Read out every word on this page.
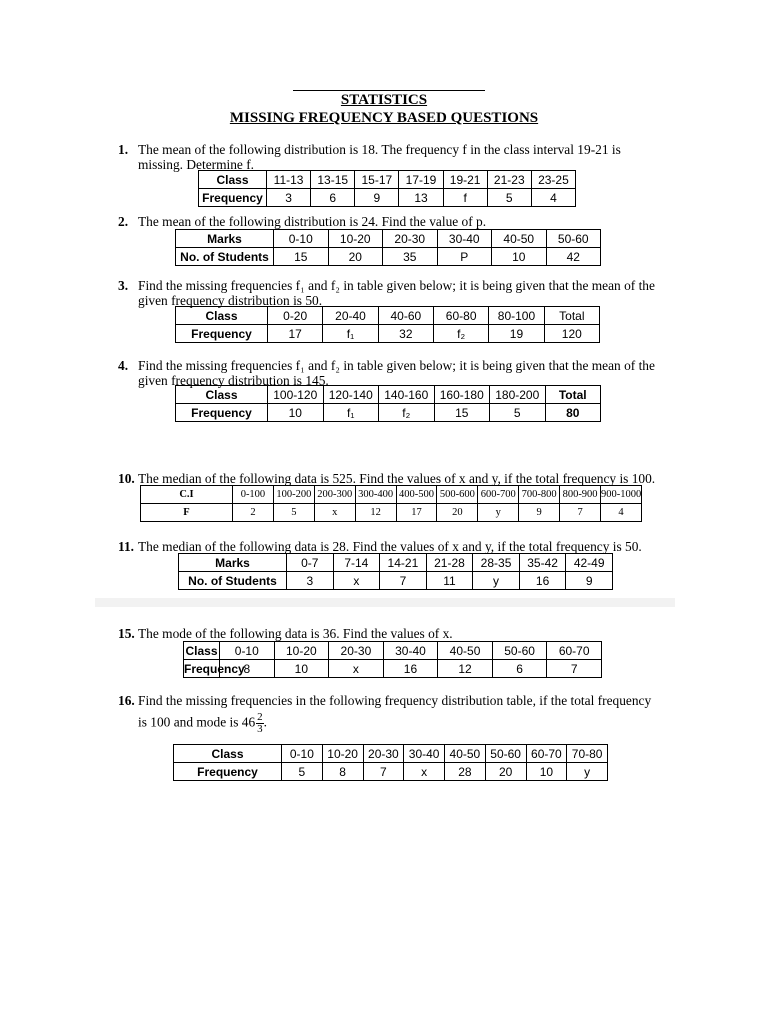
STATISTICS
MISSING FREQUENCY BASED QUESTIONS
1. The mean of the following distribution is 18. The frequency f in the class interval 19-21 is
missing. Determine f.
Class	11-13	13-15	15-17	17-19	19-21	21-23	23-25
Frequency	3	6	9	13	f	5	4
2. The mean of the following distribution is 24. Find the value of p.
Marks	0-10	10-20	20-30	30-40	40-50	50-60
No. of Students	15	20	35	P	10	42
3. Find the missing frequencies f₁ and f₂ in table given below; it is being given that the mean of the
given frequency distribution is 50.
Class	0-20	20-40	40-60	60-80	80-100	Total
Frequency	17	f₁	32	f₂	19	120
4. Find the missing frequencies f₁ and f₂ in table given below; it is being given that the mean of the
given frequency distribution is 145.
Class	100-120	120-140	140-160	160-180	180-200	Total
Frequency	10	f₁	f₂	15	5	80
10. The median of the following data is 525. Find the values of x and y, if the total frequency is 100.
C.I	0-100	100-200	200-300	300-400	400-500	500-600	600-700	700-800	800-900	900-1000
F	2	5	x	12	17	20	y	9	7	4
11. The median of the following data is 28. Find the values of x and y, if the total frequency is 50.
Marks	0-7	7-14	14-21	21-28	28-35	35-42	42-49
No. of Students	3	x	7	11	y	16	9
15. The mode of the following data is 36. Find the values of x.
Class	0-10	10-20	20-30	30-40	40-50	50-60	60-70
Frequency	8	10	x	16	12	6	7
16. Find the missing frequencies in the following frequency distribution table, if the total frequency
is 100 and mode is $46 \frac{2}{3}$ .
Class	0-10	10-20	20-30	30-40	40-50	50-60	60-70	70-80
Frequency	5	8	7	x	28	20	10	y
